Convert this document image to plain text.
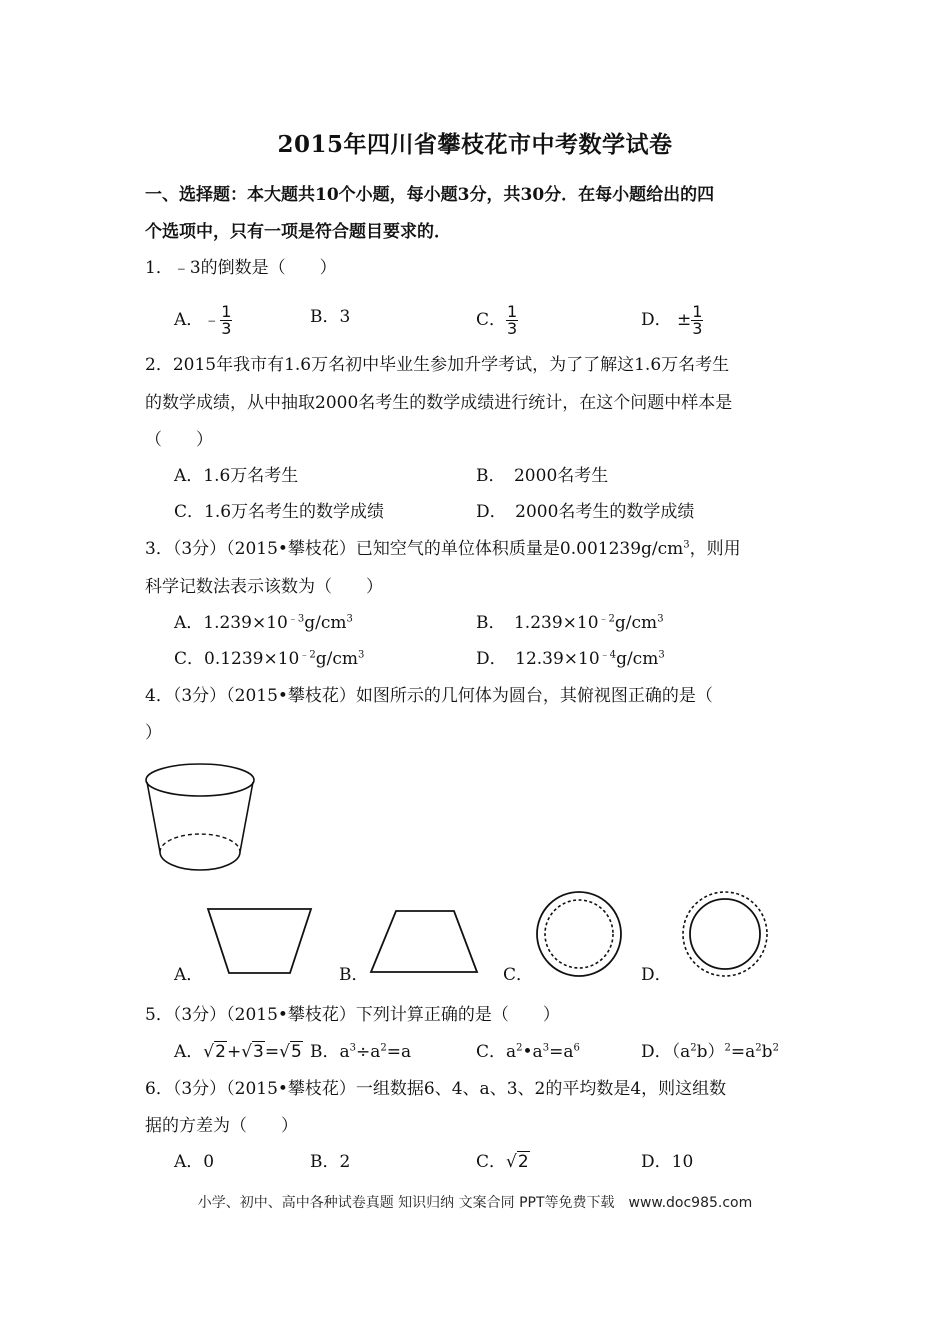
2015年四川省攀枝花市中考数学试卷
一、选择题：本大题共10个小题，每小题3分，共30分．在每小题给出的四
个选项中，只有一项是符合题目要求的．
1．﹣3的倒数是（　　）
A．﹣ $\frac{1}{3}$	B．3	C． $\frac{1}{3}$	D． ± $\frac{1}{3}$
2．2015年我市有1.6万名初中毕业生参加升学考试，为了了解这1.6万名考生
的数学成绩，从中抽取2000名考生的数学成绩进行统计，在这个问题中样本是
（　　）
A．1.6万名考生	B．　2000名考生
C．1.6万名考生的数学成绩	D．　2000名考生的数学成绩
3．（3分）（2015•攀枝花）已知空气的单位体积质量是$0.001239g/cm^3$，则用
科学记数法表示该数为（　　）
A．$1.239\times 10^{﹣3}g/cm^3$	B．　$1.239\times 10^{﹣2}g/cm^3$
C．$0.1239\times 10^{﹣2}g/cm^3$	D．　$12.39\times 10^{﹣4}g/cm^3$
4．（3分）（2015•攀枝花）如图所示的几何体为圆台，其俯视图正确的是（
）
A．	B．	C．	D．
5．（3分）（2015•攀枝花）下列计算正确的是（　　）
A．√2+√3=√5 B．$a^3\div a^2=a$	C．$a^2•a^3=a^6$	D．$(a^2b)^2=a^2b^2$
6．（3分）（2015•攀枝花）一组数据6、4、a、3、2的平均数是4，则这组数
据的方差为（　　）
A．0	B．2	C．√2	D．10
小学、初中、高中各种试卷真题 知识归纳 文案合同 PPT等免费下载　www.doc985.com
